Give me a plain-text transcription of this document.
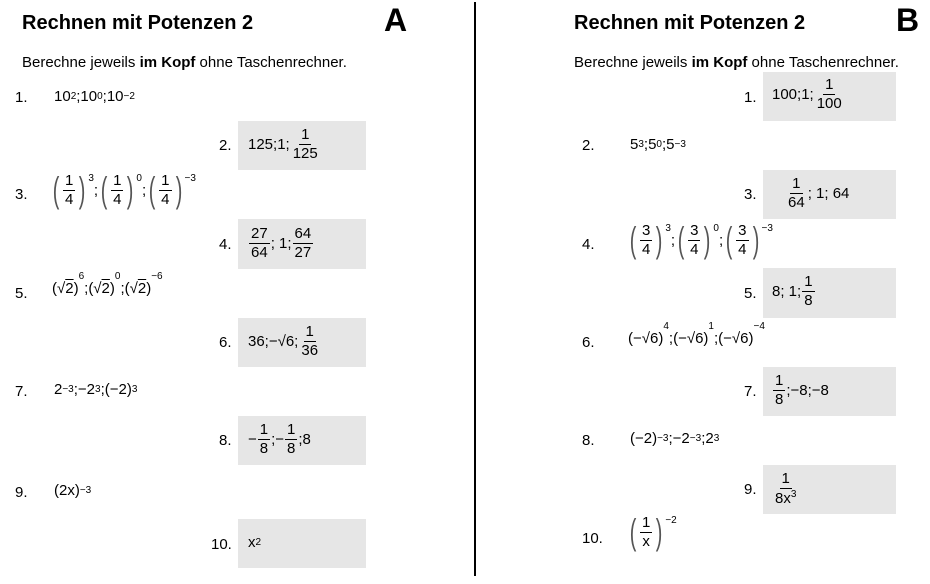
Rechnen mit Potenzen 2	A
Berechne jeweils im Kopf ohne Taschenrechner.
1. 10 2 ; 10 0 ; 10 −2
2. 125;1; $\frac{1}{125}$
3. ( $\frac{1}{4}$ ) 3
; ( $\frac{1}{4}$ ) 0
; ( $\frac{1}{4}$ ) −3
4. $\frac{27}{64}$ ; 1; $\frac{64}{27}$
5. (√ 2 )
6
; (√ 2 )
0
; (√ 2 )
−6
6. 36;−√6; $\frac{1}{36}$
7. 2 −3 ; −2 3 ; (−2) 3
8. − $\frac{1}{8}$ ; − $\frac{1}{8}$ ;8
9. ( 2x ) −3
10. x 2
Rechnen mit Potenzen 2	B
Berechne jeweils im Kopf ohne Taschenrechner.
1. 100;1; $\frac{1}{100}$
2. 5 3 ; 5 0 ; 5 −3
3. $\frac{1}{64}$ ; 1; 64
4. ( $\frac{3}{4}$ ) 3
; ( $\frac{3}{4}$ ) 0
; ( $\frac{3}{4}$ ) −3
5. 8; 1; $\frac{1}{8}$
6. ( −√6 )
4
; ( −√6 )
1
; ( −√6 )
−4
7. $\frac{1}{8}$ ;−8;−8
8. (−2) −3 ; −2 −3 ; 2 3
9. $\frac{1}{8x^3}$
10. ( $\frac{1}{x}$ ) −2
